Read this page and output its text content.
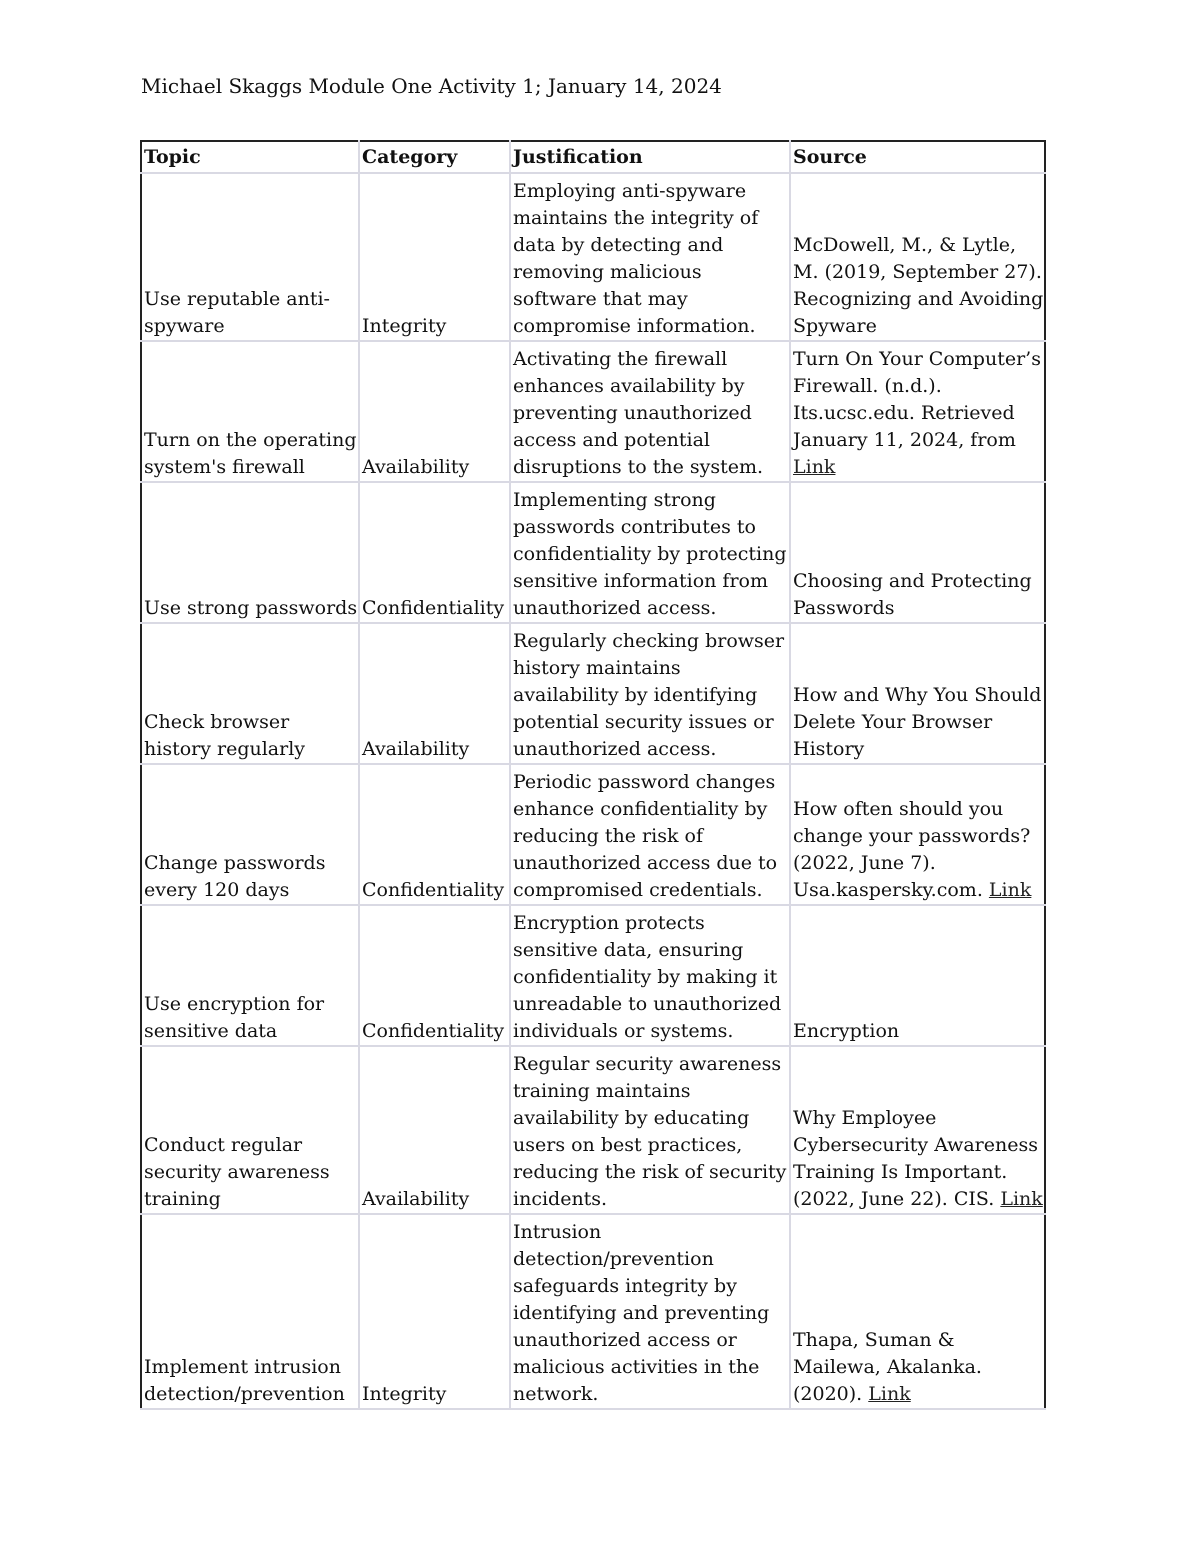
Michael Skaggs Module One Activity 1; January 14, 2024
Topic	Category	Justification	Source
Use reputable anti-spyware	Integrity	Employing anti-spyware maintains the integrity of data by detecting and removing malicious software that may compromise information.	McDowell, M., & Lytle, M. (2019, September 27). Recognizing and Avoiding Spyware
Turn on the operating system's firewall	Availability	Activating the firewall enhances availability by preventing unauthorized access and potential disruptions to the system.	Turn On Your Computer’s Firewall. (n.d.). Its.ucsc.edu. Retrieved January 11, 2024, from Link
Use strong passwords	Confidentiality	Implementing strong passwords contributes to confidentiality by protecting sensitive information from unauthorized access.	Choosing and Protecting Passwords
Check browser history regularly	Availability	Regularly checking browser history maintains availability by identifying potential security issues or unauthorized access.	How and Why You Should Delete Your Browser History
Change passwords every 120 days	Confidentiality	Periodic password changes enhance confidentiality by reducing the risk of unauthorized access due to compromised credentials.	How often should you change your passwords? (2022, June 7). Usa.kaspersky.com. Link
Use encryption for sensitive data	Confidentiality	Encryption protects sensitive data, ensuring confidentiality by making it unreadable to unauthorized individuals or systems.	Encryption
Conduct regular security awareness training	Availability	Regular security awareness training maintains availability by educating users on best practices, reducing the risk of security incidents.	Why Employee Cybersecurity Awareness Training Is Important. (2022, June 22). CIS. Link
Implement intrusion detection/prevention	Integrity	Intrusion detection/prevention safeguards integrity by identifying and preventing unauthorized access or malicious activities in the network.	Thapa, Suman & Mailewa, Akalanka. (2020). Link
